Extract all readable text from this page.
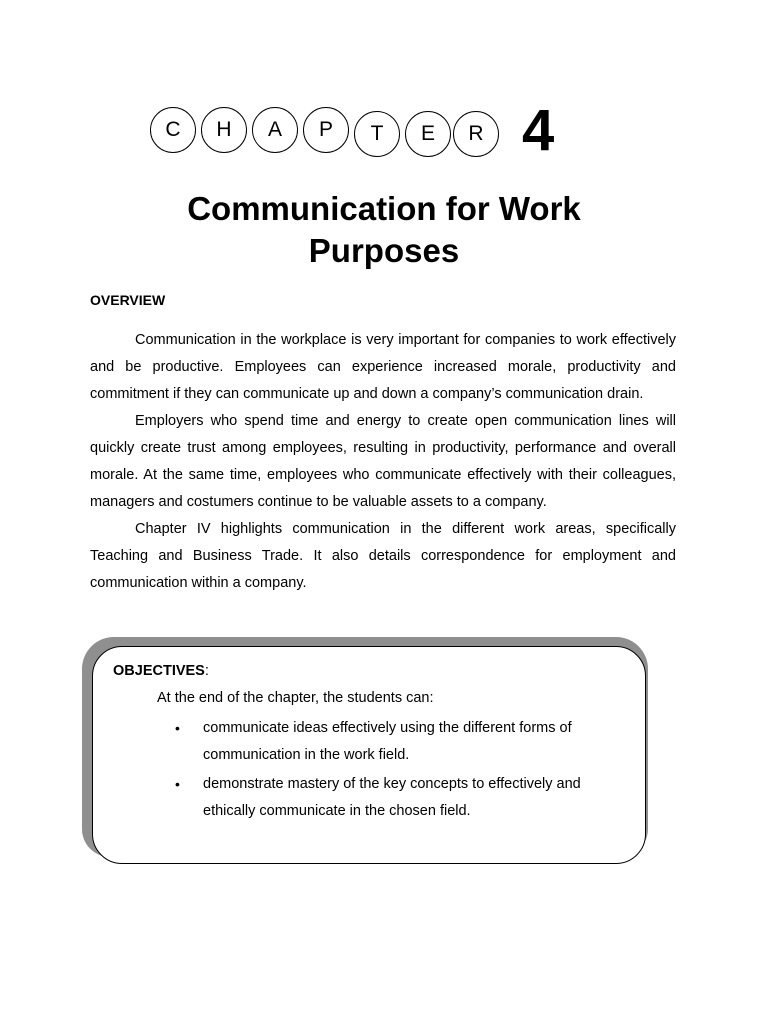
C	H	A	P	T	E	R 4
Communication for Work
Purposes
OVERVIEW

Communication in the workplace is very important for companies to work effectively and be productive. Employees can experience increased morale, productivity and commitment if they can communicate up and down a company’s communication drain.

Employers who spend time and energy to create open communication lines will quickly create trust among employees, resulting in productivity, performance and overall morale. At the same time, employees who communicate effectively with their colleagues, managers and costumers continue to be valuable assets to a company.

Chapter IV highlights communication in the different work areas, specifically Teaching and Business Trade. It also details correspondence for employment and communication within a company.

OBJECTIVES:

At the end of the chapter, the students can:

• communicate ideas effectively using the different forms of communication in the work field.
• demonstrate mastery of the key concepts to effectively and ethically communicate in the chosen field.
